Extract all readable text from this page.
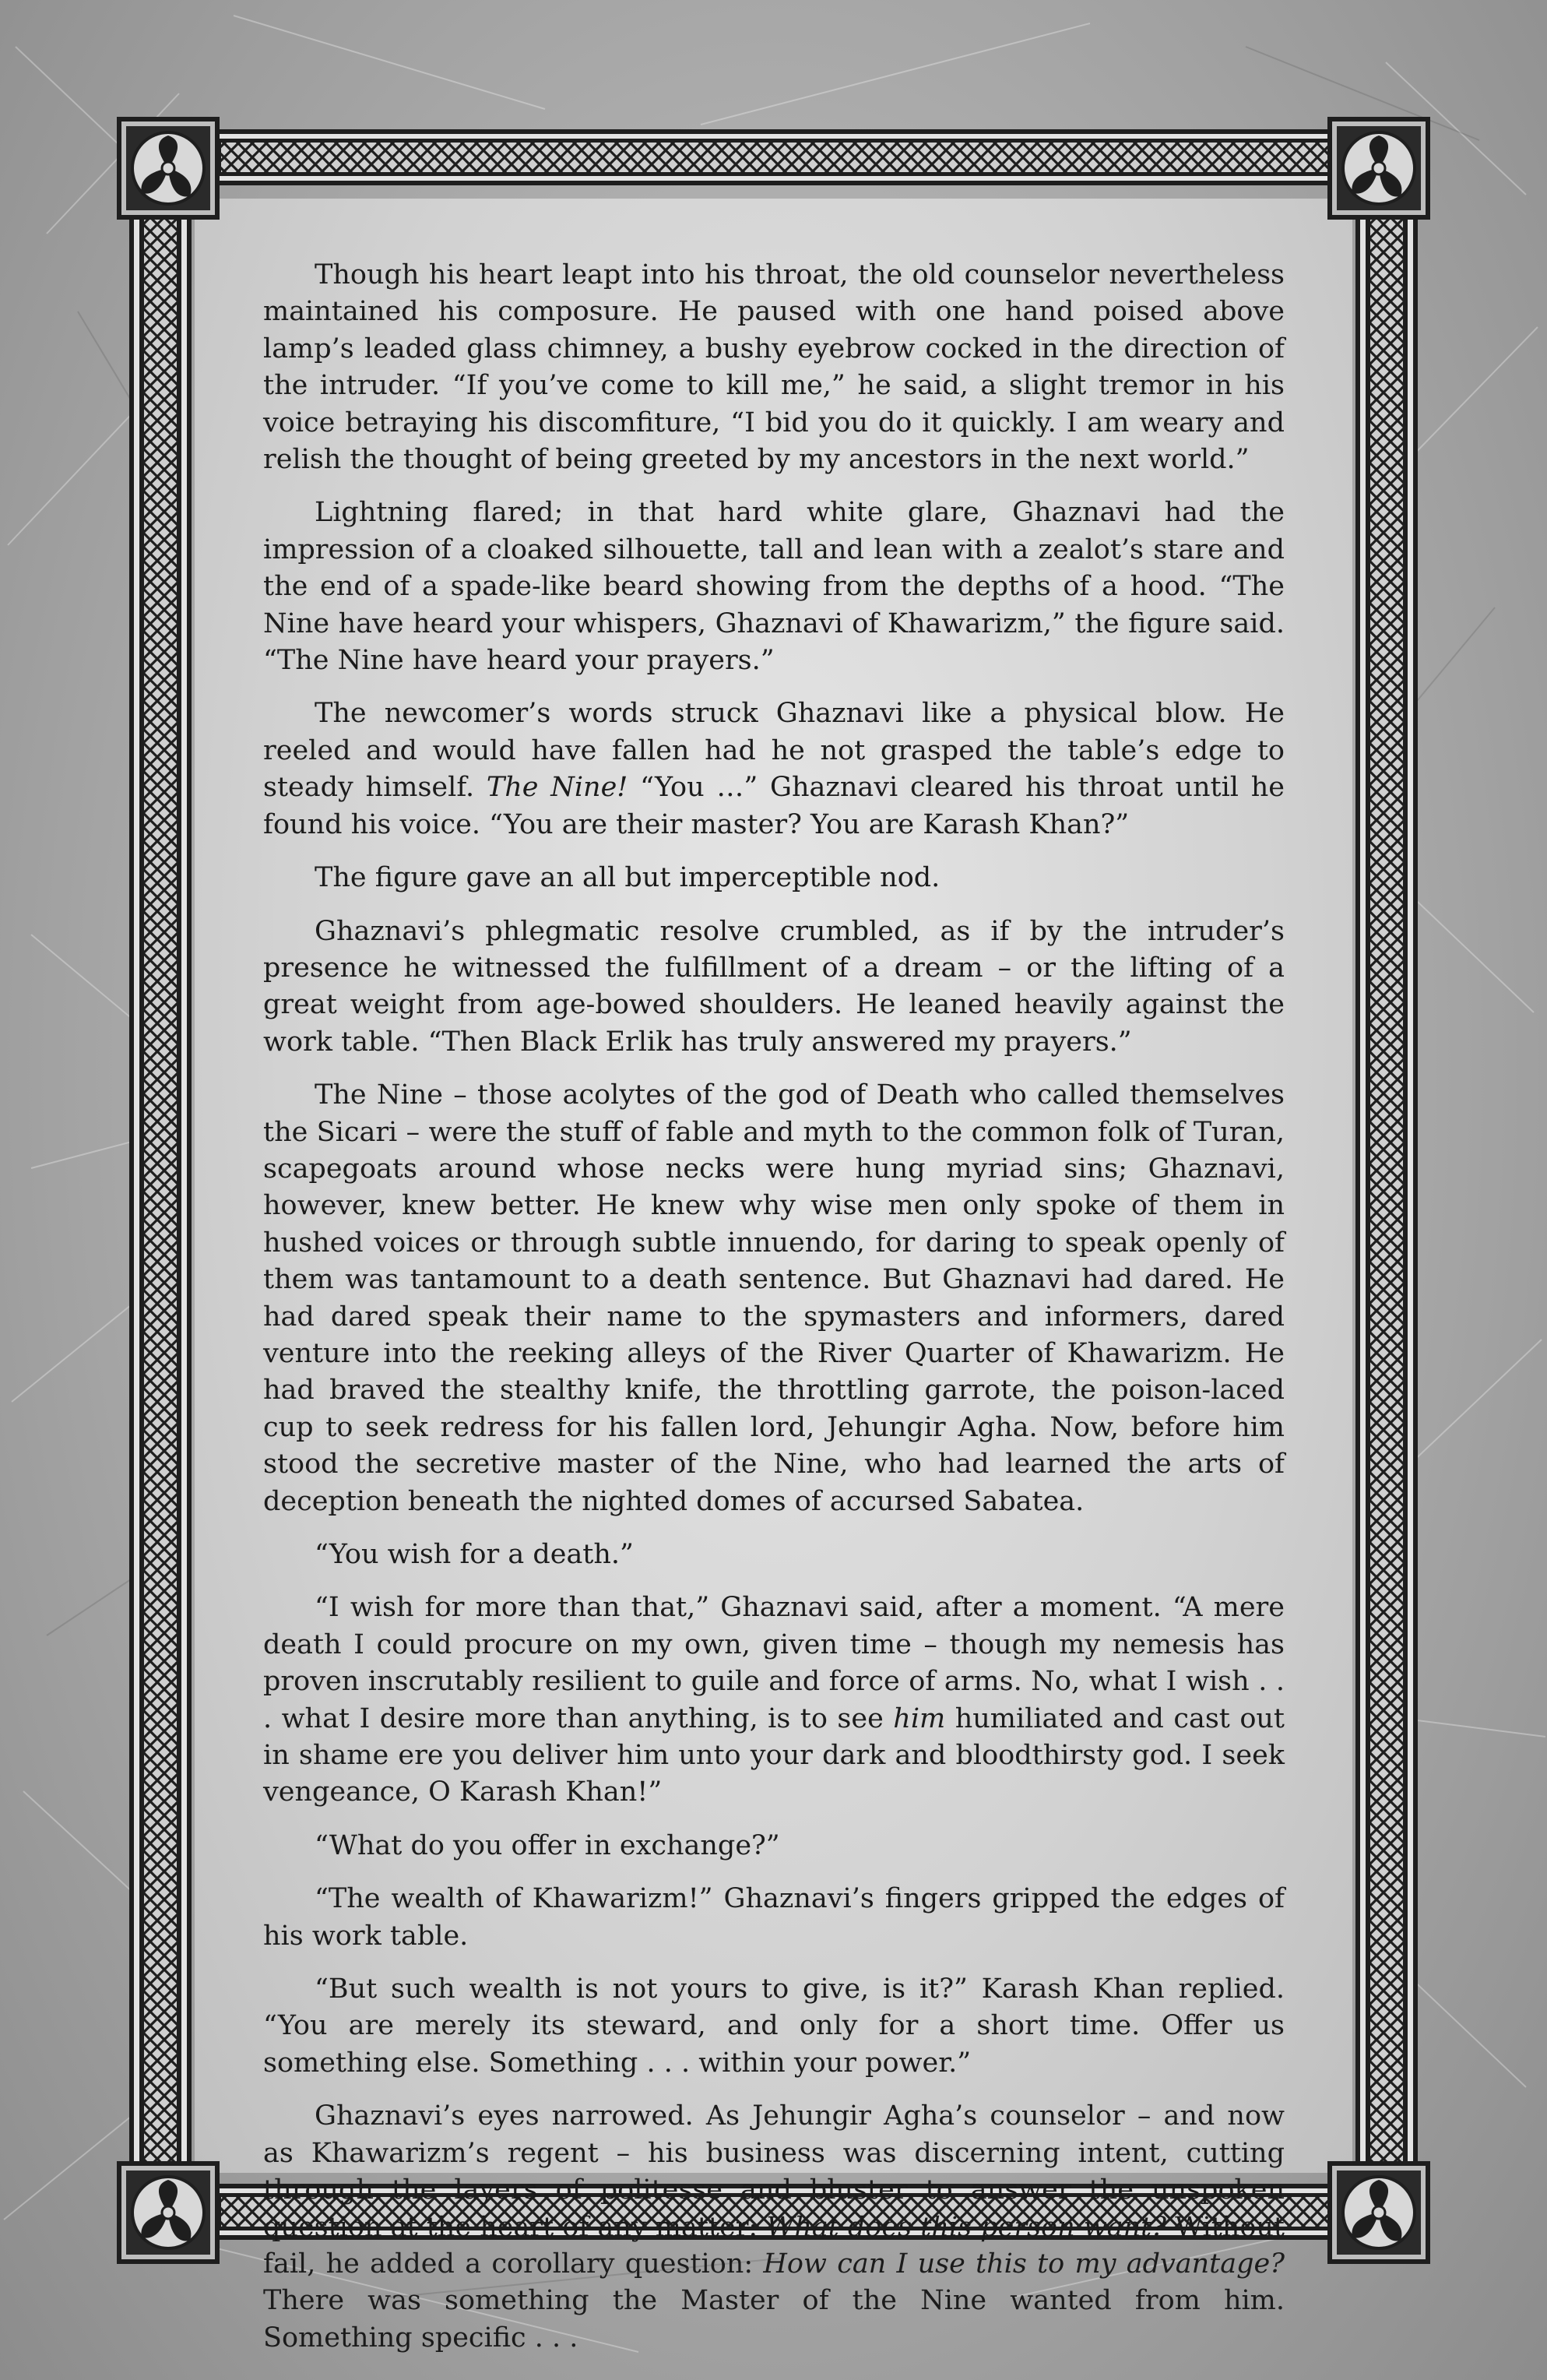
Though his heart leapt into his throat, the old counselor nevertheless maintained his composure. He paused with one hand poised above lamp’s leaded glass chimney, a bushy eyebrow cocked in the direction of the intruder. “If you’ve come to kill me,” he said, a slight tremor in his voice betraying his discomfiture, “I bid you do it quickly. I am weary and relish the thought of being greeted by my ancestors in the next world.”

Lightning flared; in that hard white glare, Ghaznavi had the impression of a cloaked silhouette, tall and lean with a zealot’s stare and the end of a spade-like beard showing from the depths of a hood. “The Nine have heard your whispers, Ghaznavi of Khawarizm,” the figure said. “The Nine have heard your prayers.”

The newcomer’s words struck Ghaznavi like a physical blow. He reeled and would have fallen had he not grasped the table’s edge to steady himself. The Nine! “You …” Ghaznavi cleared his throat until he found his voice. “You are their master? You are Karash Khan?”

The figure gave an all but imperceptible nod.

Ghaznavi’s phlegmatic resolve crumbled, as if by the intruder’s presence he witnessed the fulfillment of a dream – or the lifting of a great weight from age-bowed shoulders. He leaned heavily against the work table. “Then Black Erlik has truly answered my prayers.”

The Nine – those acolytes of the god of Death who called themselves the Sicari – were the stuff of fable and myth to the common folk of Turan, scapegoats around whose necks were hung myriad sins; Ghaznavi, however, knew better. He knew why wise men only spoke of them in hushed voices or through subtle innuendo, for daring to speak openly of them was tantamount to a death sentence. But Ghaznavi had dared. He had dared speak their name to the spymasters and informers, dared venture into the reeking alleys of the River Quarter of Khawarizm. He had braved the stealthy knife, the throttling garrote, the poison-laced cup to seek redress for his fallen lord, Jehungir Agha. Now, before him stood the secretive master of the Nine, who had learned the arts of deception beneath the nighted domes of accursed Sabatea.

“You wish for a death.”

“I wish for more than that,” Ghaznavi said, after a moment. “A mere death I could procure on my own, given time – though my nemesis has proven inscrutably resilient to guile and force of arms. No, what I wish . . . what I desire more than anything, is to see him humiliated and cast out in shame ere you deliver him unto your dark and bloodthirsty god. I seek vengeance, O Karash Khan!”

“What do you offer in exchange?”

“The wealth of Khawarizm!” Ghaznavi’s fingers gripped the edges of his work table.

“But such wealth is not yours to give, is it?” Karash Khan replied. “You are merely its steward, and only for a short time. Offer us something else. Something . . . within your power.”

Ghaznavi’s eyes narrowed. As Jehungir Agha’s counselor – and now as Khawarizm’s regent – his business was discerning intent, cutting through the layers of politesse and bluster to answer the unspoken question at the heart of any matter: What does this person want? Without fail, he added a corollary question: How can I use this to my advantage? There was something the Master of the Nine wanted from him. Something specific . . .
